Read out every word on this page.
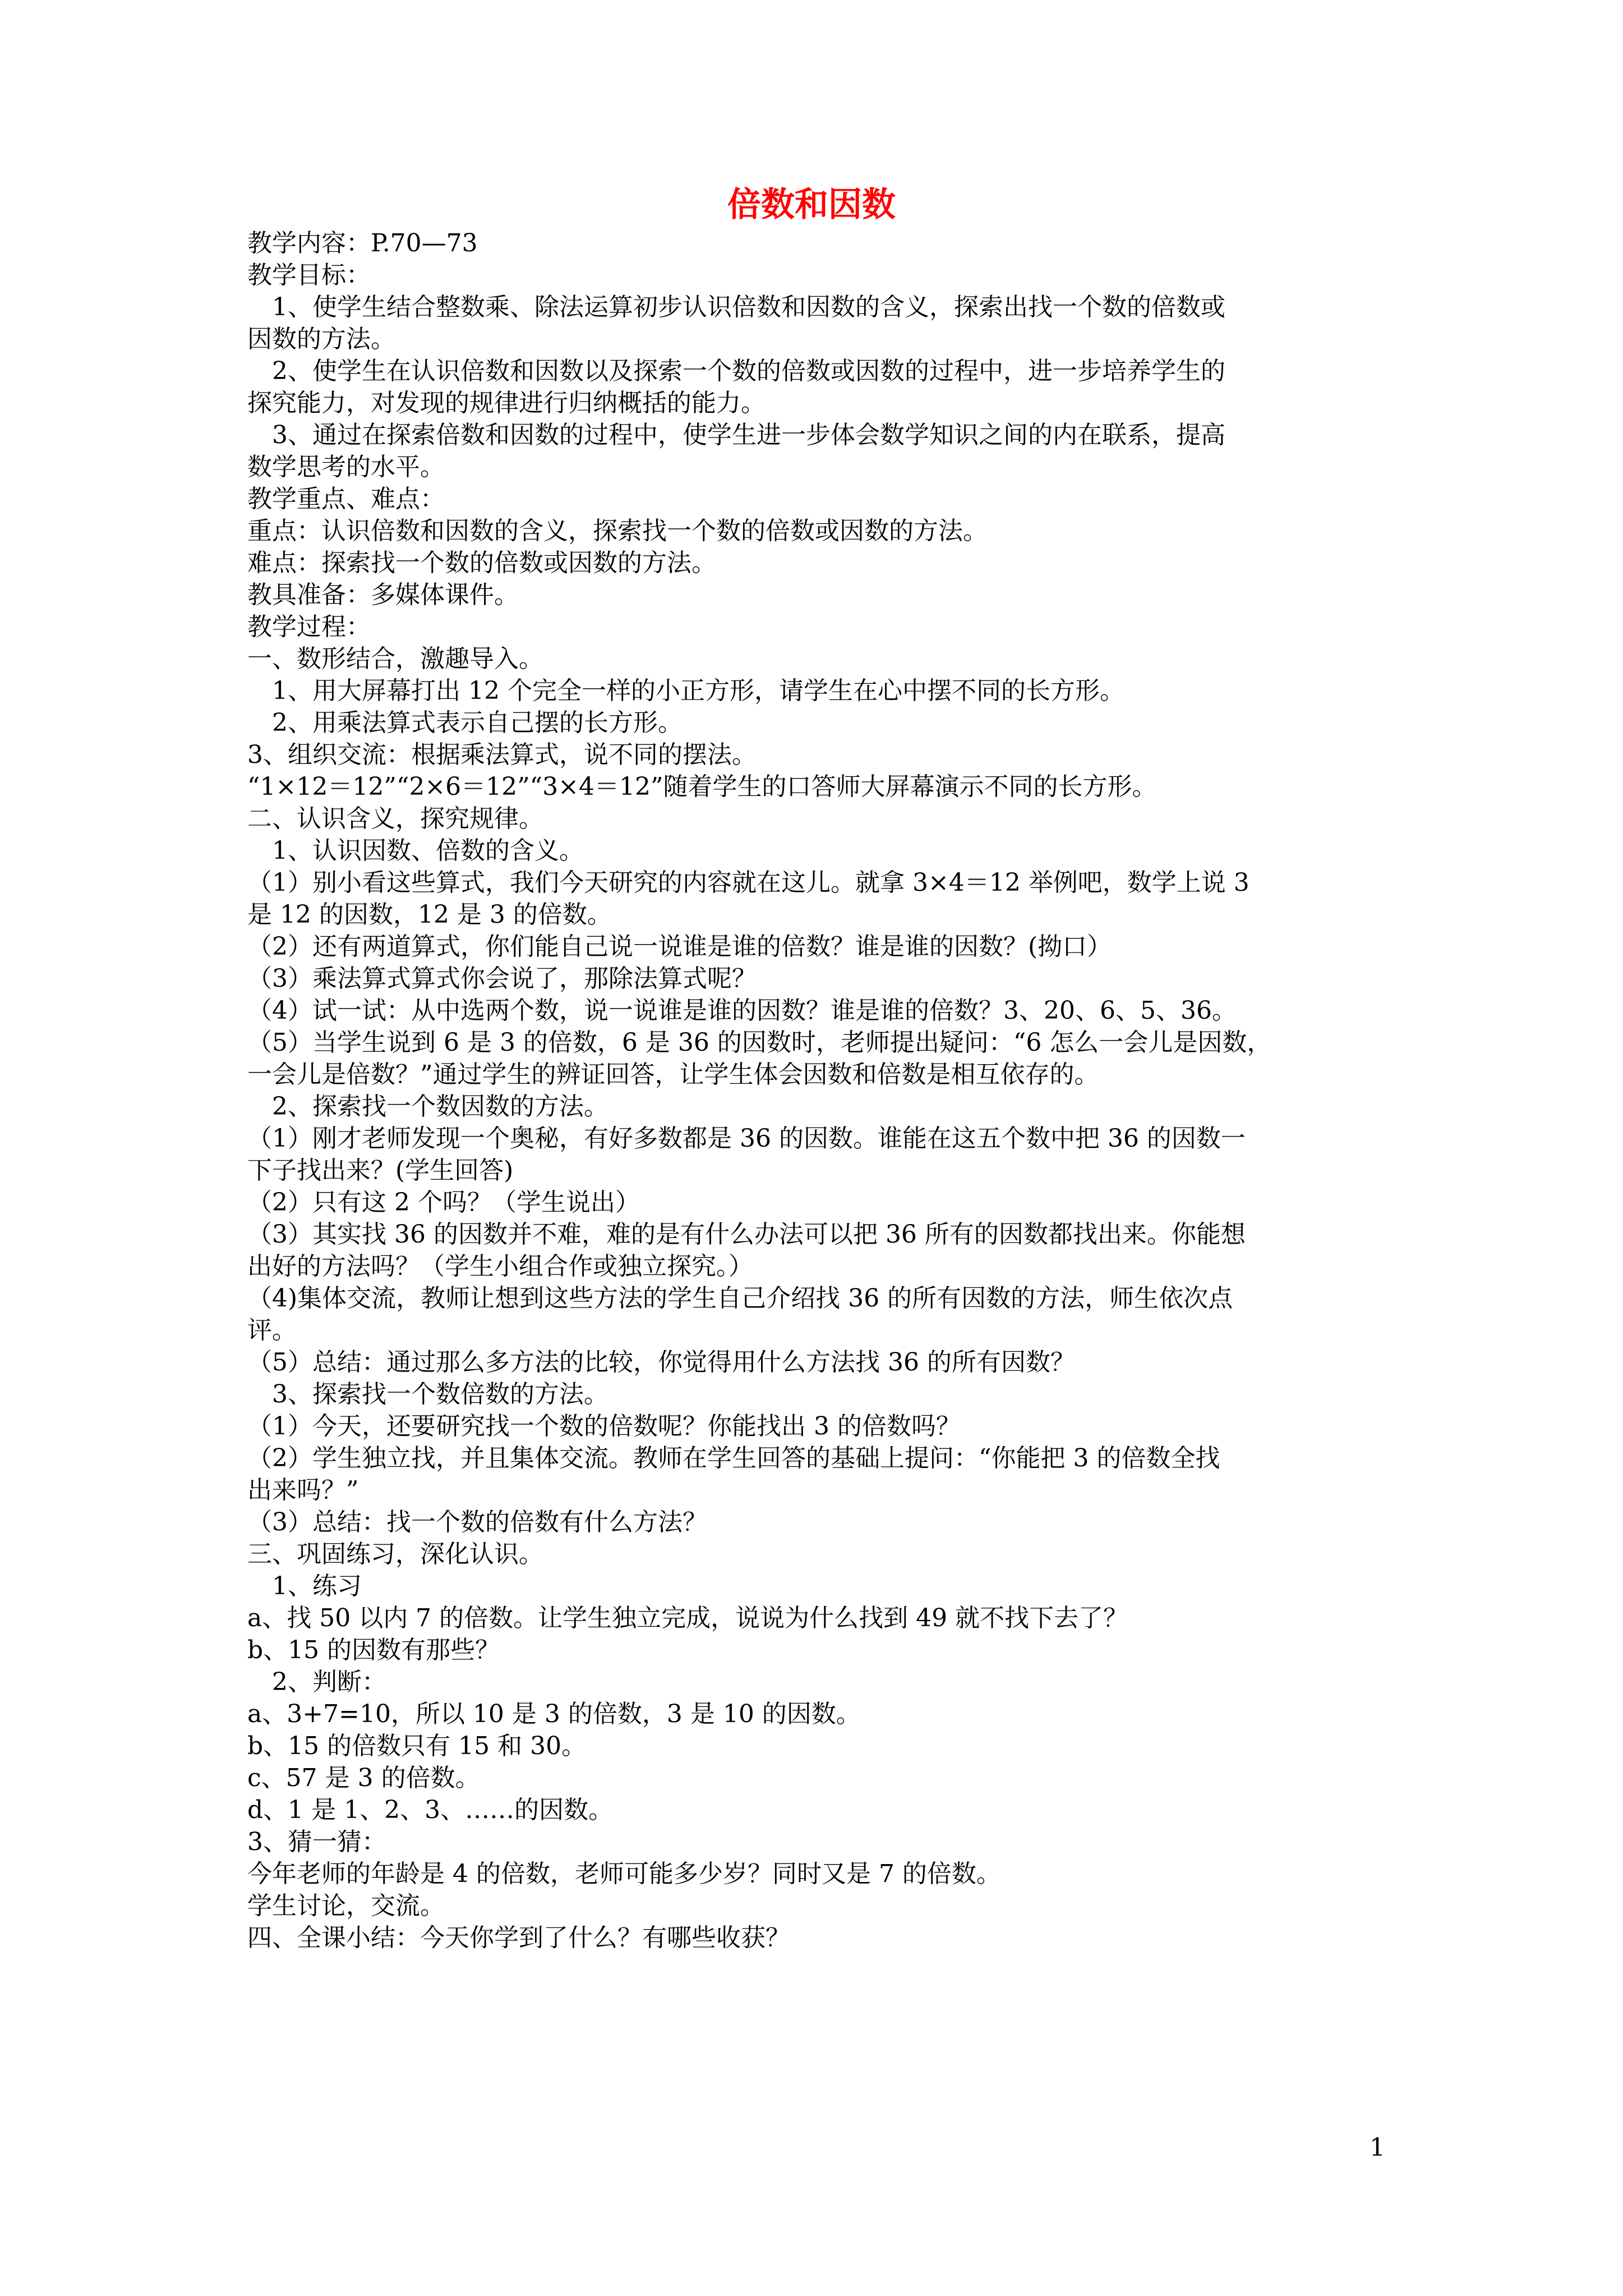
倍数和因数
教学内容：P.70—73
教学目标：
1、使学生结合整数乘、除法运算初步认识倍数和因数的含义，探索出找一个数的倍数或
因数的方法。
2、使学生在认识倍数和因数以及探索一个数的倍数或因数的过程中，进一步培养学生的
探究能力，对发现的规律进行归纳概括的能力。
3、通过在探索倍数和因数的过程中，使学生进一步体会数学知识之间的内在联系，提高
数学思考的水平。
教学重点、难点：
重点：认识倍数和因数的含义，探索找一个数的倍数或因数的方法。
难点：探索找一个数的倍数或因数的方法。
教具准备：多媒体课件。
教学过程：
一、数形结合，激趣导入。
1、用大屏幕打出 12 个完全一样的小正方形，请学生在心中摆不同的长方形。
2、用乘法算式表示自己摆的长方形。
3、组织交流：根据乘法算式，说不同的摆法。
“1×12＝12”“2×6＝12”“3×4＝12”随着学生的口答师大屏幕演示不同的长方形。
二、认识含义，探究规律。
1、认识因数、倍数的含义。
（1）别小看这些算式，我们今天研究的内容就在这儿。就拿 3×4＝12 举例吧，数学上说 3
是 12 的因数，12 是 3 的倍数。
（2）还有两道算式，你们能自己说一说谁是谁的倍数？谁是谁的因数？(拗口）
（3）乘法算式算式你会说了，那除法算式呢？
（4）试一试：从中选两个数，说一说谁是谁的因数？谁是谁的倍数？3、20、6、5、36。
（5）当学生说到 6 是 3 的倍数，6 是 36 的因数时，老师提出疑问：“6 怎么一会儿是因数，
一会儿是倍数？”通过学生的辨证回答，让学生体会因数和倍数是相互依存的。
2、探索找一个数因数的方法。
（1）刚才老师发现一个奥秘，有好多数都是 36 的因数。谁能在这五个数中把 36 的因数一
下子找出来？(学生回答)
（2）只有这 2 个吗？（学生说出）
（3）其实找 36 的因数并不难，难的是有什么办法可以把 36 所有的因数都找出来。你能想
出好的方法吗？（学生小组合作或独立探究。）
（4)集体交流，教师让想到这些方法的学生自己介绍找 36 的所有因数的方法，师生依次点
评。
（5）总结：通过那么多方法的比较，你觉得用什么方法找 36 的所有因数？
3、探索找一个数倍数的方法。
（1）今天，还要研究找一个数的倍数呢？你能找出 3 的倍数吗？
（2）学生独立找，并且集体交流。教师在学生回答的基础上提问：“你能把 3 的倍数全找
出来吗？”
（3）总结：找一个数的倍数有什么方法？
三、巩固练习，深化认识。
1、练习
a、找 50 以内 7 的倍数。让学生独立完成，说说为什么找到 49 就不找下去了？
b、15 的因数有那些？
2、判断：
a、3+7=10，所以 10 是 3 的倍数，3 是 10 的因数。
b、15 的倍数只有 15 和 30。
c、57 是 3 的倍数。
d、1 是 1、2、3、……的因数。
3、猜一猜：
今年老师的年龄是 4 的倍数，老师可能多少岁？同时又是 7 的倍数。
学生讨论，交流。
四、全课小结：今天你学到了什么？有哪些收获？
1
